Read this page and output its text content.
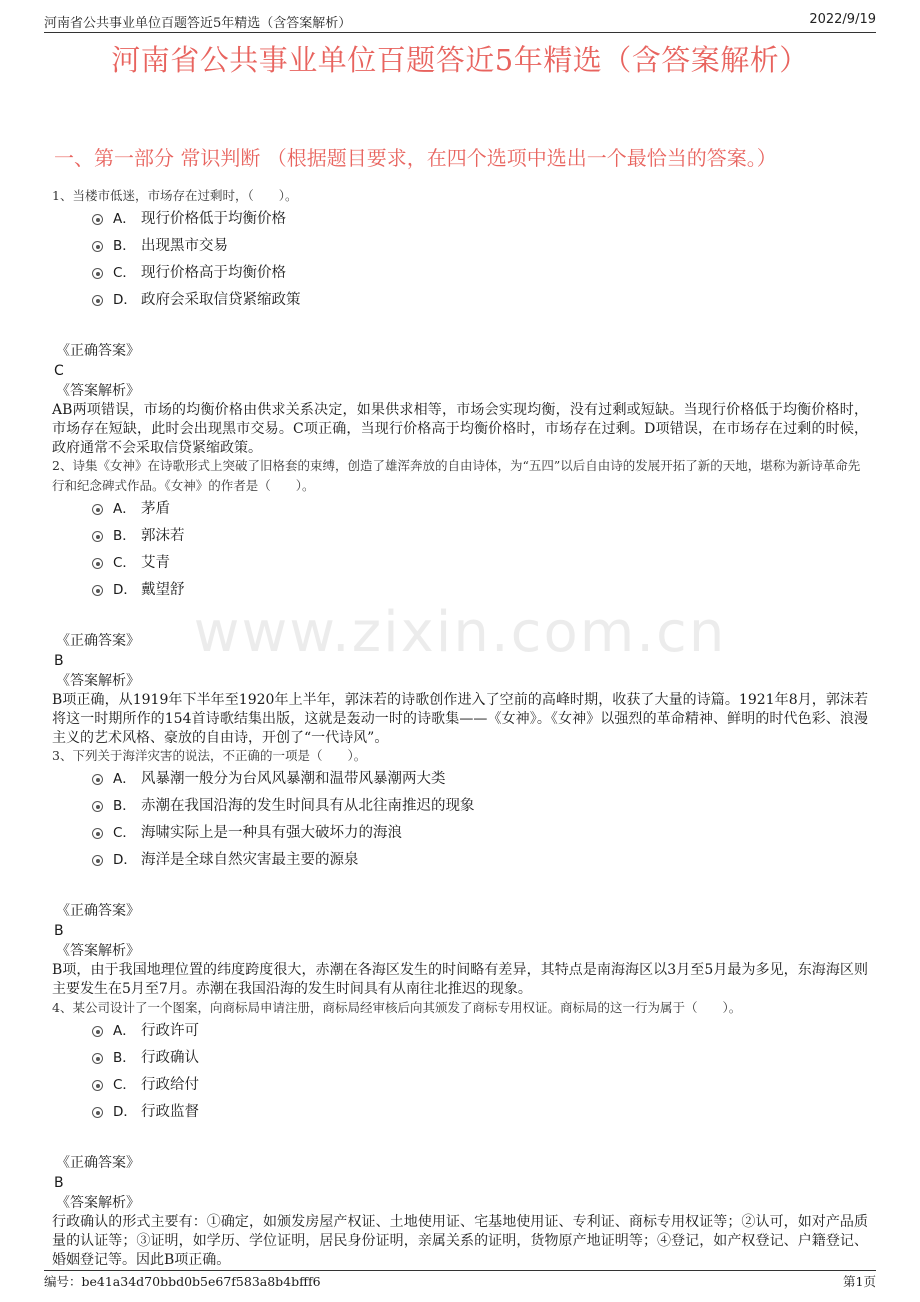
河南省公共事业单位百题答近5年精选（含答案解析）	2022/9/19
河南省公共事业单位百题答近5年精选（含答案解析）
一、第一部分 常识判断 （根据题目要求，在四个选项中选出一个最恰当的答案。）
www.zixin.com.cn
1、当楼市低迷，市场存在过剩时，（　　）。
A． 现行价格低于均衡价格
B． 出现黑市交易
C． 现行价格高于均衡价格
D． 政府会采取信贷紧缩政策
《正确答案》
C
《答案解析》
AB两项错误，市场的均衡价格由供求关系决定，如果供求相等，市场会实现均衡，没有过剩或短缺。当现行价格低于均衡价格时，市场存在短缺，此时会出现黑市交易。C项正确，当现行价格高于均衡价格时，市场存在过剩。D项错误，在市场存在过剩的时候，政府通常不会采取信贷紧缩政策。
2、诗集《女神》在诗歌形式上突破了旧格套的束缚，创造了雄浑奔放的自由诗体，为“五四”以后自由诗的发展开拓了新的天地，堪称为新诗革命先行和纪念碑式作品。《女神》的作者是（　　）。
A． 茅盾
B． 郭沫若
C． 艾青
D． 戴望舒
《正确答案》
B
《答案解析》
B项正确，从1919年下半年至1920年上半年，郭沫若的诗歌创作进入了空前的高峰时期，收获了大量的诗篇。1921年8月，郭沫若将这一时期所作的154首诗歌结集出版，这就是轰动一时的诗歌集——《女神》。《女神》以强烈的革命精神、鲜明的时代色彩、浪漫主义的艺术风格、豪放的自由诗，开创了“一代诗风”。
3、下列关于海洋灾害的说法，不正确的一项是（　　）。
A． 风暴潮一般分为台风风暴潮和温带风暴潮两大类
B． 赤潮在我国沿海的发生时间具有从北往南推迟的现象
C． 海啸实际上是一种具有强大破坏力的海浪
D． 海洋是全球自然灾害最主要的源泉
《正确答案》
B
《答案解析》
B项，由于我国地理位置的纬度跨度很大，赤潮在各海区发生的时间略有差异，其特点是南海海区以3月至5月最为多见，东海海区则主要发生在5月至7月。赤潮在我国沿海的发生时间具有从南往北推迟的现象。
4、某公司设计了一个图案，向商标局申请注册，商标局经审核后向其颁发了商标专用权证。商标局的这一行为属于（　　）。
A． 行政许可
B． 行政确认
C． 行政给付
D． 行政监督
《正确答案》
B
《答案解析》
行政确认的形式主要有：①确定，如颁发房屋产权证、土地使用证、宅基地使用证、专利证、商标专用权证等；②认可，如对产品质量的认证等；③证明，如学历、学位证明，居民身份证明，亲属关系的证明，货物原产地证明等；④登记，如产权登记、户籍登记、婚姻登记等。因此B项正确。
编号：be41a34d70bbd0b5e67f583a8b4bfff6	第1页
